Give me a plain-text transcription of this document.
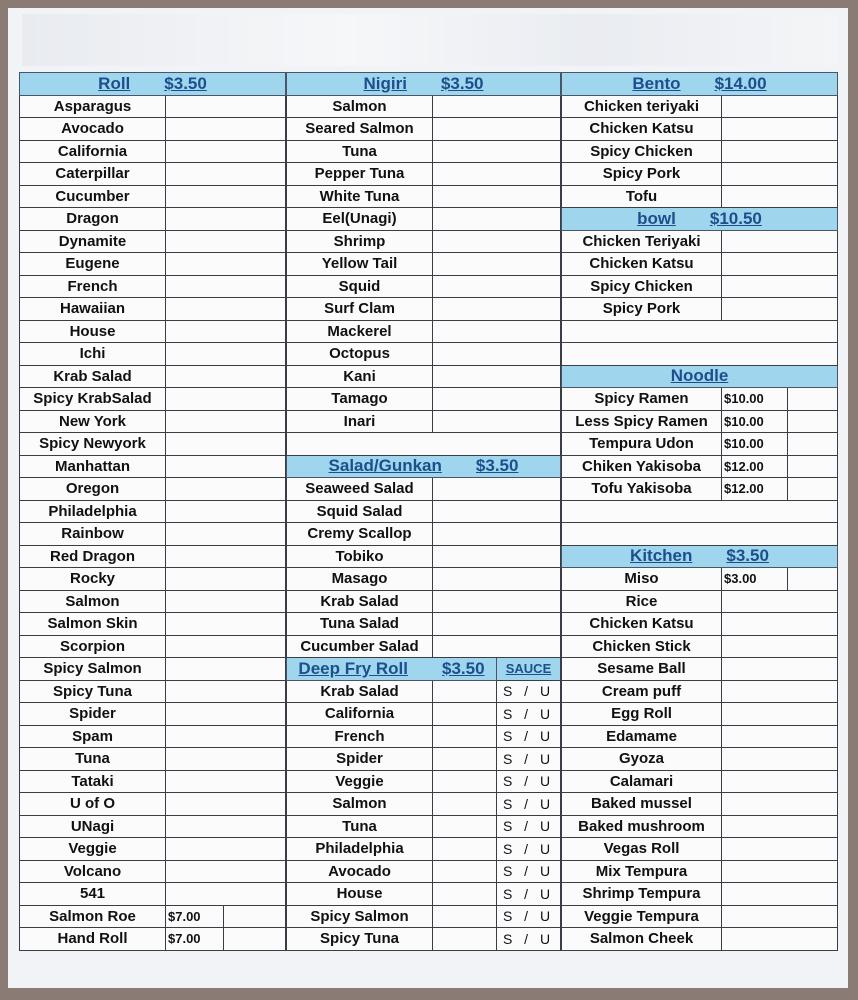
Roll $3.50		
Asparagus		
Avocado		
California		
Caterpillar		
Cucumber		
Dragon		
Dynamite		
Eugene		
French		
Hawaiian		
House		
Ichi		
Krab Salad		
Spicy KrabSalad		
New York		
Spicy Newyork		
Manhattan		
Oregon		
Philadelphia		
Rainbow		
Red Dragon		
Rocky		
Salmon		
Salmon Skin		
Scorpion		
Spicy Salmon		
Spicy Tuna		
Spider		
Spam		
Tuna		
Tataki		
U of O		
UNagi		
Veggie		
Volcano		
541		
Salmon Roe	$7.00	
Hand Roll	$7.00	
Nigiri $3.50		
Salmon		
Seared Salmon		
Tuna		
Pepper Tuna		
White Tuna		
Eel(Unagi)		
Shrimp		
Yellow Tail		
Squid		
Surf Clam		
Mackerel		
Octopus		
Kani		
Tamago		
Inari		

Salad/Gunkan $3.50		
Seaweed Salad		
Squid Salad		
Cremy Scallop		
Tobiko		
Masago		
Krab Salad		
Tuna Salad		
Cucumber Salad		
Deep Fry Roll $3.50		SAUCE
Krab Salad		S / U
California		S / U
French		S / U
Spider		S / U
Veggie		S / U
Salmon		S / U
Tuna		S / U
Philadelphia		S / U
Avocado		S / U
House		S / U
Spicy Salmon		S / U
Spicy Tuna		S / U
Bento $14.00		
Chicken teriyaki		
Chicken Katsu		
Spicy Chicken		
Spicy Pork		
Tofu		
bowl $10.50		
Chicken Teriyaki		
Chicken Katsu		
Spicy Chicken		
Spicy Pork		

Noodle		
Spicy Ramen	$10.00	
Less Spicy Ramen	$10.00	
Tempura Udon	$10.00	
Chiken Yakisoba	$12.00	
Tofu Yakisoba	$12.00	

Kitchen $3.50		
Miso	$3.00	
Rice		
Chicken Katsu		
Chicken Stick		
Sesame Ball		
Cream puff		
Egg Roll		
Edamame		
Gyoza		
Calamari		
Baked mussel		
Baked mushroom		
Vegas Roll		
Mix Tempura		
Shrimp Tempura		
Veggie Tempura		
Salmon Cheek		
